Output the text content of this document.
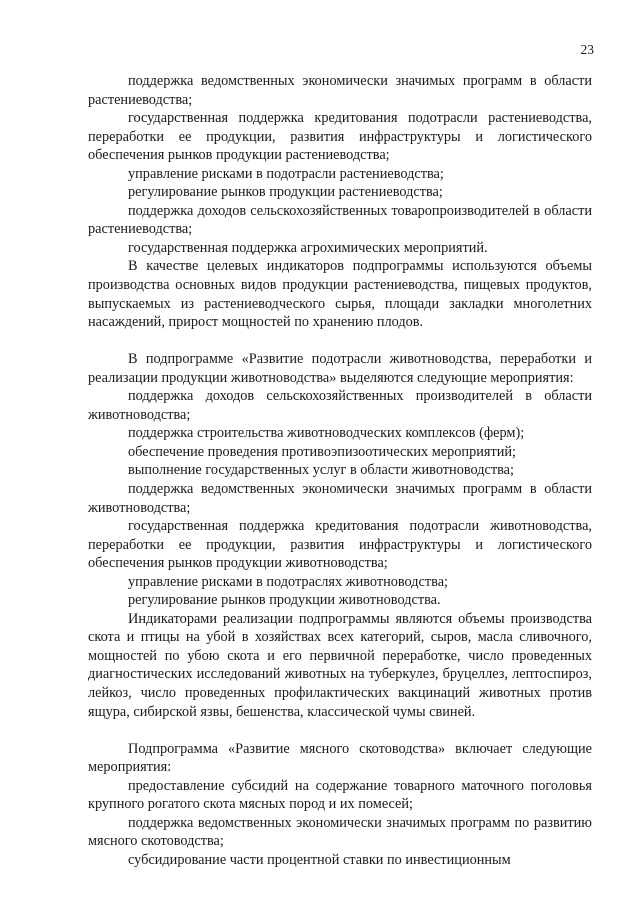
23

поддержка ведомственных экономически значимых программ в области растениеводства;

государственная поддержка кредитования подотрасли растениеводства, переработки ее продукции, развития инфраструктуры и логистического обеспечения рынков продукции растениеводства;

управление рисками в подотрасли растениеводства;

регулирование рынков продукции растениеводства;

поддержка доходов сельскохозяйственных товаропроизводителей в области растениеводства;

государственная поддержка агрохимических мероприятий.

В качестве целевых индикаторов подпрограммы используются объемы производства основных видов продукции растениеводства, пищевых продуктов, выпускаемых из растениеводческого сырья, площади закладки многолетних насаждений, прирост мощностей по хранению плодов.

В подпрограмме «Развитие подотрасли животноводства, переработки и реализации продукции животноводства» выделяются следующие мероприятия:

поддержка доходов сельскохозяйственных производителей в области животноводства;

поддержка строительства животноводческих комплексов (ферм);

обеспечение проведения противоэпизоотических мероприятий;

выполнение государственных услуг в области животноводства;

поддержка ведомственных экономически значимых программ в области животноводства;

государственная поддержка кредитования подотрасли животноводства, переработки ее продукции, развития инфраструктуры и логистического обеспечения рынков продукции животноводства;

управление рисками в подотраслях животноводства;

регулирование рынков продукции животноводства.

Индикаторами реализации подпрограммы являются объемы производства скота и птицы на убой в хозяйствах всех категорий, сыров, масла сливочного, мощностей по убою скота и его первичной переработке, число проведенных диагностических исследований животных на туберкулез, бруцеллез, лептоспироз, лейкоз, число проведенных профилактических вакцинаций животных против ящура, сибирской язвы, бешенства, классической чумы свиней.

Подпрограмма «Развитие мясного скотоводства» включает следующие мероприятия:

предоставление субсидий на содержание товарного маточного поголовья крупного рогатого скота мясных пород и их помесей;

поддержка ведомственных экономически значимых программ по развитию мясного скотоводства;

субсидирование части процентной ставки по инвестиционным
